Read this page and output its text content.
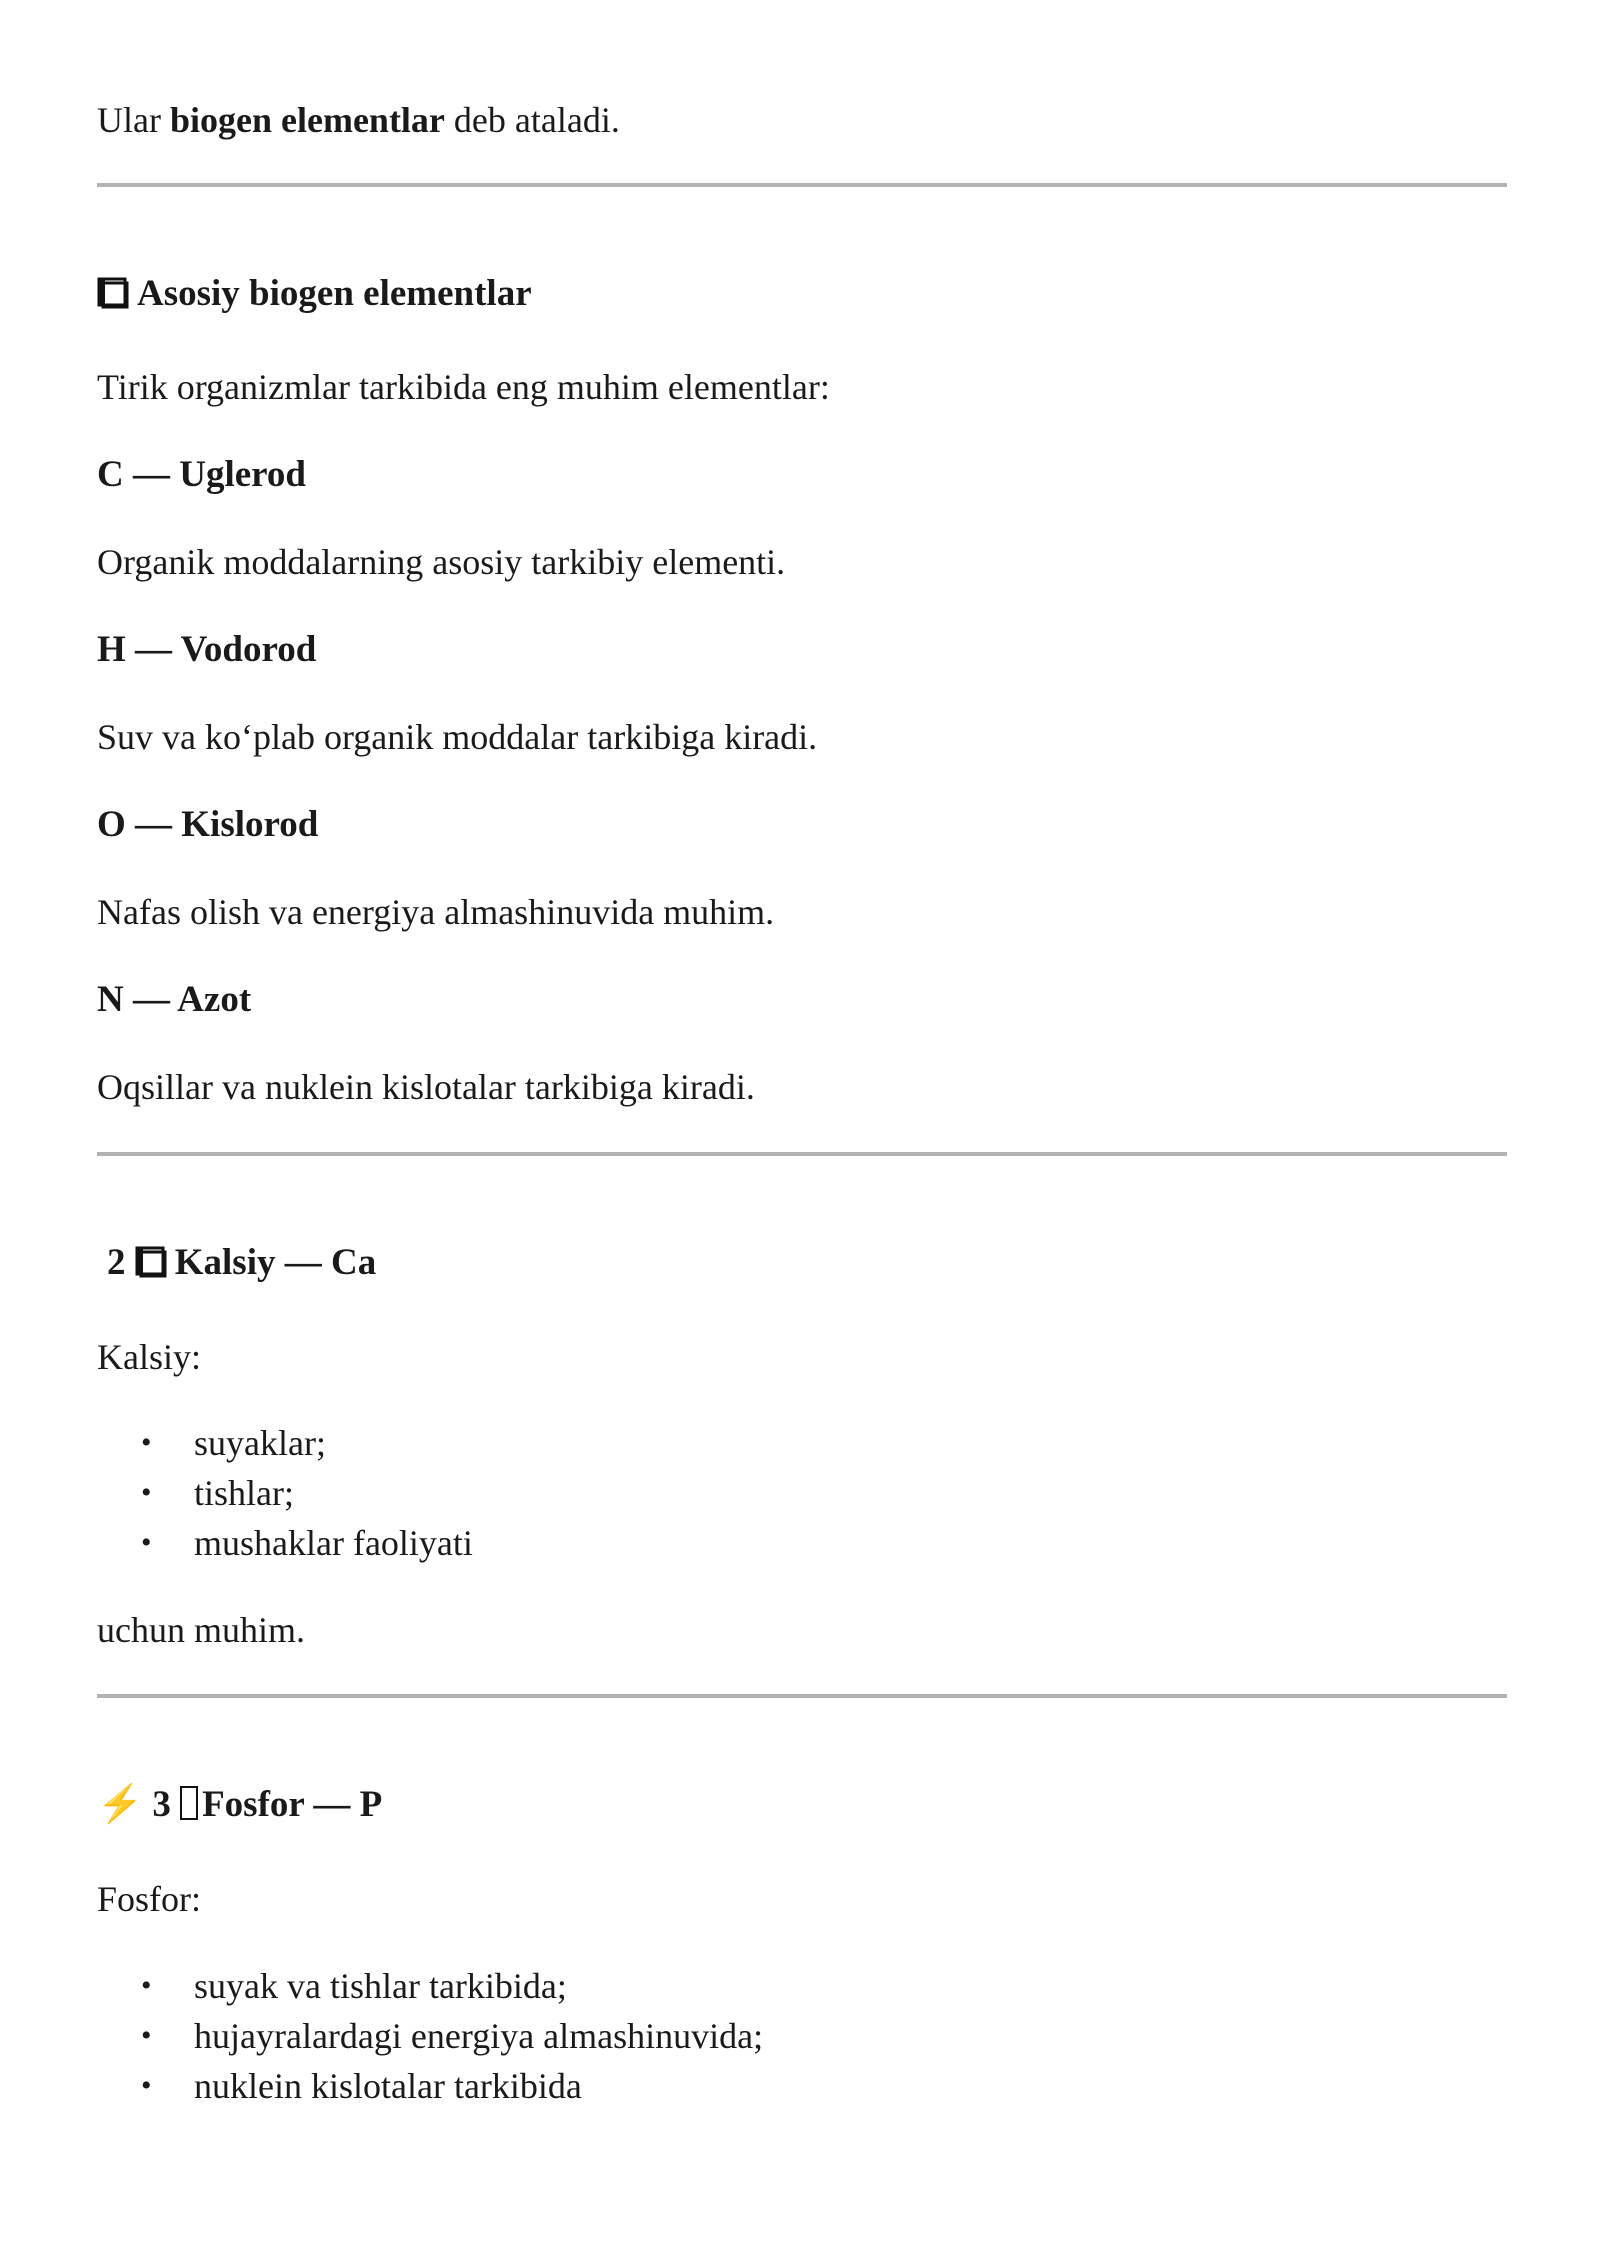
Ular biogen elementlar deb ataladi.
Asosiy biogen elementlar
Tirik organizmlar tarkibida eng muhim elementlar:
C — Uglerod
Organik moddalarning asosiy tarkibiy elementi.
H — Vodorod
Suv va ko‘plab organik moddalar tarkibiga kiradi.
O — Kislorod
Nafas olish va energiya almashinuvida muhim.
N — Azot
Oqsillar va nuklein kislotalar tarkibiga kiradi.
2 Kalsiy — Ca
Kalsiy:
• suyaklar;
• tishlar;
• mushaklar faoliyati
uchun muhim.
⚡ 3 Fosfor — P
Fosfor:
• suyak va tishlar tarkibida;
• hujayralardagi energiya almashinuvida;
• nuklein kislotalar tarkibida
